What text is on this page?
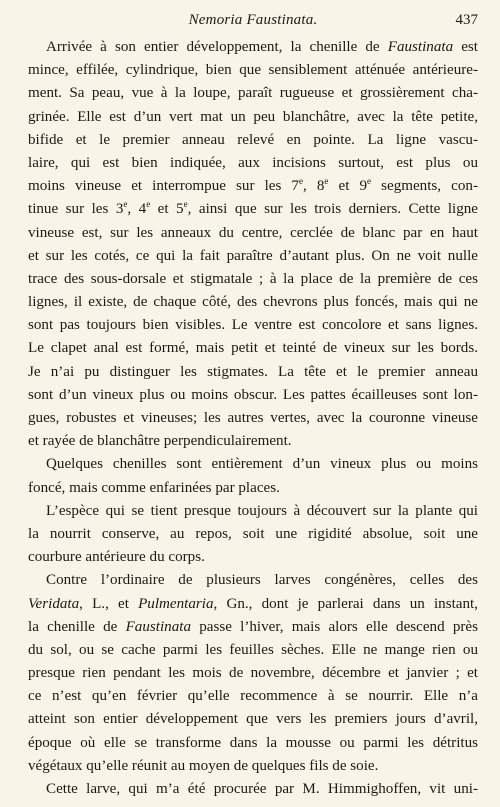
Nemoria Faustinata.	437
Arrivée à son entier développement, la chenille de Faustinata est
mince, effilée, cylindrique, bien que sensiblement atténuée antérieure-
ment. Sa peau, vue à la loupe, paraît rugueuse et grossièrement cha-
grinée. Elle est d’un vert mat un peu blanchâtre, avec la tête petite,
bifide et le premier anneau relevé en pointe. La ligne vascu-
laire, qui est bien indiquée, aux incisions surtout, est plus ou
moins vineuse et interrompue sur les 7e, 8e et 9e segments, con-
tinue sur les 3e, 4e et 5e, ainsi que sur les trois derniers. Cette ligne
vineuse est, sur les anneaux du centre, cerclée de blanc par en haut
et sur les cotés, ce qui la fait paraître d’autant plus. On ne voit nulle
trace des sous-dorsale et stigmatale ; à la place de la première de ces
lignes, il existe, de chaque côté, des chevrons plus foncés, mais qui ne
sont pas toujours bien visibles. Le ventre est concolore et sans lignes.
Le clapet anal est formé, mais petit et teinté de vineux sur les bords.
Je n’ai pu distinguer les stigmates. La tête et le premier anneau
sont d’un vineux plus ou moins obscur. Les pattes écailleuses sont lon-
gues, robustes et vineuses; les autres vertes, avec la couronne vineuse
et rayée de blanchâtre perpendiculairement.
Quelques chenilles sont entièrement d’un vineux plus ou moins
foncé, mais comme enfarinées par places.
L’espèce qui se tient presque toujours à découvert sur la plante qui
la nourrit conserve, au repos, soit une rigidité absolue, soit une
courbure antérieure du corps.
Contre l’ordinaire de plusieurs larves congénères, celles des
Veridata, L., et Pulmentaria, Gn., dont je parlerai dans un instant,
la chenille de Faustinata passe l’hiver, mais alors elle descend près
du sol, ou se cache parmi les feuilles sèches. Elle ne mange rien ou
presque rien pendant les mois de novembre, décembre et janvier ; et
ce n’est qu’en février qu’elle recommence à se nourrir. Elle n’a
atteint son entier développement que vers les premiers jours d’avril,
époque où elle se transforme dans la mousse ou parmi les détritus
végétaux qu’elle réunit au moyen de quelques fils de soie.
Cette larve, qui m’a été procurée par M. Himmighoffen, vit uni-
